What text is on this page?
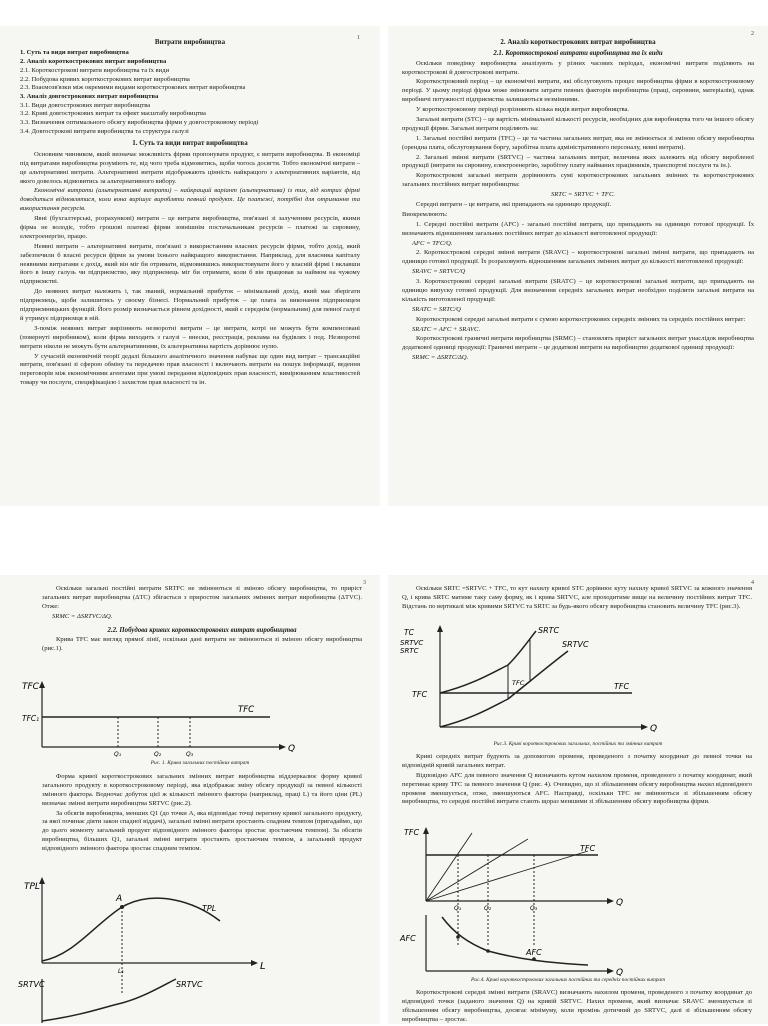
1
Витрати виробництва
1. Суть та види витрат виробництва
2. Аналіз короткострокових витрат виробництва
2.1. Короткострокові витрати виробництва та їх види
2.2. Побудова кривих короткострокових витрат виробництва
2.3. Взаємозв'язки між окремими видами короткострокових витрат виробництва
3. Аналіз довгострокових витрат виробництва
3.1. Види довгострокових витрат виробництва
3.2. Криві довгострокових витрат та ефект масштабу виробництва
3.3. Визначення оптимального обсягу виробництва фірми у довгостроковому періоді
3.4. Довгострокові витрати виробництва та структура галузі
1. Суть та види витрат виробництва

Основним чинником, який визначає можливість фірми пропонувати продукт, є витрати виробництва. В економіці під витратами виробництва розуміють те, від чого треба відмовитись, щоби чогось досягти. Тобто економічні витрати – це альтернативні витрати. Альтернативні витрати відображають цінність найкращого з альтернативних варіантів, від якого довелось відмовитись за альтернативного вибору.

Економічні витрати (альтернативні витрати) – найкращий варіант (альтернатива) із тих, від котрих фірмі доводиться відмовлятися, коли вона вирішує виробляти певний продукт. Це платежі, потрібні для отримання та використання ресурсів.

Явні (бухгалтерські, розрахункові) витрати – це витрати виробництва, пов'язані зі залученням ресурсів, якими фірма не володіє, тобто грошові платежі фірми зовнішнім постачальникам ресурсів – платежі за сировину, електроенергію, працю.

Неявні витрати – альтернативні витрати, пов'язані з використанням власних ресурсів фірми, тобто дохід, який забезпечили б власні ресурси фірми за умови їхнього найкращого використання. Наприклад, для власника капіталу неявними витратами є дохід, який він міг би отримати, відмовившись використовувати його у власній фірмі і вклавши його в іншу галузь чи підприємство, яку підприємець міг би отримати, коли б він працював за наймом на чужому підприємстві.

До неявних витрат належить і, так званий, нормальний прибуток – мінімальний дохід, який має зберігати підприємець, щоби залишитись у своєму бізнесі. Нормальний прибуток – це плата за виконання підприємцем підприємницьких функцій. Його розмір визначається рівнем дохідності, який є середнім (нормальним) для певної галузі й утримує підприємця в ній.

З-поміж неявних витрат вирізняють незворотні витрати – це витрати, котрі не можуть бути компенсовані (повернуті виробником), коли фірма виходить з галузі – внески, реєстрація, реклама на будівлях і под. Незворотні витрати ніколи не можуть бути альтернативними, їх альтернативна вартість дорівнює нулю.

У сучасній економічній теорії дедалі більшого аналітичного значення набуває ще один вид витрат – трансакційні витрати, пов'язані зі сферою обміну та передачею прав власності і включають витрати на пошук інформації, ведення переговорів між економічними агентами при умові передання відповідних прав власності, вимірюванням властивостей товару чи послуги, специфікацією і захистом прав власності та ін.

2
2. Аналіз короткострокових витрат виробництва
2.1. Короткострокові витрати виробництва та їх види

Оскільки поведінку виробництва аналізують у різних часових періодах, економічні витрати поділяють на короткострокові й довгострокові витрати.

Короткостроковий період – це економічні витрати, які обслуговують процес виробництва фірми в короткостроковому періоді. У цьому періоді фірма може змінювати затрати певних факторів виробництва (праці, сировини, матеріалів), однак виробничі потужності підприємства залишаються незмінними.

У короткостроковому періоді розрізняють кілька видів витрат виробництва.

Загальні витрати (STC) – це вартість мінімальної кількості ресурсів, необхідних для виробництва того чи іншого обсягу продукції фірми. Загальні витрати поділяють на:

1. Загальні постійні витрати (TFC) – це та частина загальних витрат, яка не змінюється зі зміною обсягу виробництва (орендна плата, обслуговування боргу, заробітна плата адміністративного персоналу, невні витрати).

2. Загальні змінні витрати (SRTVC) – частина загальних витрат, величина яких залежить від обсягу виробленої продукції (витрати на сировину, електроенергію, заробітну плату найманих працівників, транспортні послуги та ін.).

Короткострокові загальні витрати дорівнюють сумі короткострокових загальних змінних та короткострокових загальних постійних витрат виробництва:

SRTC = SRTVC + TFC.

Середні витрати – це витрати, які припадають на одиницю продукції.

Виокремлюють:

1. Середні постійні витрати (AFC) - загальні постійні витрати, що припадають на одиницю готової продукції. Їх визначають відношенням загальних постійних витрат до кількості виготовленої продукції:

AFC = TFC/Q.

2. Короткострокові середні змінні витрати (SRAVC) – короткострокові загальні змінні витрати, що припадають на одиницю готової продукції. Їх розраховують відношенням загальних змінних витрат до кількості виготовленої продукції:

SRAVC = SRTVC/Q

3. Короткострокові середні загальні витрати (SRATC) – це короткострокові загальні витрати, що припадають на одиницю випуску готової продукції. Для визначення середніх загальних витрат необхідно поділити загальні витрати на кількість виготовленої продукції:

SRATC = SRTC/Q

Короткострокові середні загальні витрати є сумою короткострокових середніх змінних та середніх постійних витрат:

SRATC = AFC + SRAVC.

Короткострокові граничні витрати виробництва (SRMC) – становлять приріст загальних витрат унаслідок виробництва додаткової одиниці продукції: Граничні витрати – це додаткові витрати на виробництво додаткової одиниці продукції:

SRMC = ΔSRTC/ΔQ.
3

Оскільки загальні постійні витрати SRTFC не змінюються зі зміною обсягу виробництва, то приріст загальних витрат виробництва (ΔTC) збігається з приростом загальних змінних витрат виробництва (ΔTVC). Отже:

SRMC = ΔSRTVC/ΔQ.
2.2. Побудова кривих короткострокових витрат виробництва

Крива TFC має вигляд прямої лінії, оскільки дані витрати не змінюються зі зміною обсягу виробництва (рис.1).

TFC
TFC₁
TFC
Q
Q₁	Q₂	Q₃
Рис. 1. Крива загальних постійних витрат

Форма кривої короткострокових загальних змінних витрат виробництва віддзеркалює форму кривої загального продукту в короткостроковому періоді, яка відображає зміну обсягу продукції за певної кількості змінного фактора. Водночас добуток цієї ж кількості змінного фактора (наприклад, праці L) та його ціни (PL) визначає змінні витрати виробництва SRTVC (рис.2).

За обсягів виробництва, менших Q1 (до точки A, яка відповідає точці перегину кривої загального продукту, за якої починає діяти закон спадної віддачі), загальні змінні витрати зростають спадним темпом (пригадаймо, що до цього моменту загальний продукт відповідного змінного фактора зростає зростаючим темпом). За обсягів виробництва, більших Q1, загальні змінні витрати зростають зростаючим темпом, а загальний продукт відповідного змінного фактора зростає спадним темпом.

TPL
A
TPL
L
L₁
SRTVC	SRTVC
4

Оскільки SRTC =SRTVC + TFC, то кут нахилу кривої STC дорівнює куту нахилу кривої SRTVC за кожного значення Q, і крива SRTC матиме таку саму форму, як і крива SRTVC, але проходитиме вище на величину постійних витрат TFC. Відстань по вертикалі між кривими SRTVC та SRTC за будь-якого обсягу виробництва становить величину TFC (рис.3).

TC
SRTVC
SRTC
SRTC
SRTVC
TFC
TFC
TFC
Q
Рис.3. Криві короткострокових загальних, постійних та змінних витрат

Криві середніх витрат будують за допомогою променя, проведеного з початку координат до певної точки на відповідній кривій загальних витрат.

Відповідно AFC для певного значення Q визначають кутом нахилом променя, проведеного з початку координат, який перетинає криву TFC за певного значення Q (рис. 4). Очевидно, що зі збільшенням обсягу виробництва нахил відповідного променя зменшується, отже, зменшуються AFC. Насправді, оскільки TFC не змінюються зі збільшенням обсягу виробництва, то середні постійні витрати стають щораз меншими зі збільшенням обсягу виробництва фірми.

TFC
TFC
Q
Q₁	Q₂	Q₃
AFC
AFC
Q
Рис.4. Криві короткострокових загальних постійних та середніх постійних витрат

Короткострокові середні змінні витрати (SRAVC) визначають нахилом променя, проведеного з початку координат до відповідної точки (заданого значення Q) на кривій SRTVC. Нахил променя, який визначає SRAVC зменшується зі збільшенням обсягу виробництва, досягає мінімуму, коли промінь дотичний до SRTVC, далі зі збільшенням обсягу виробництва – зростає.
